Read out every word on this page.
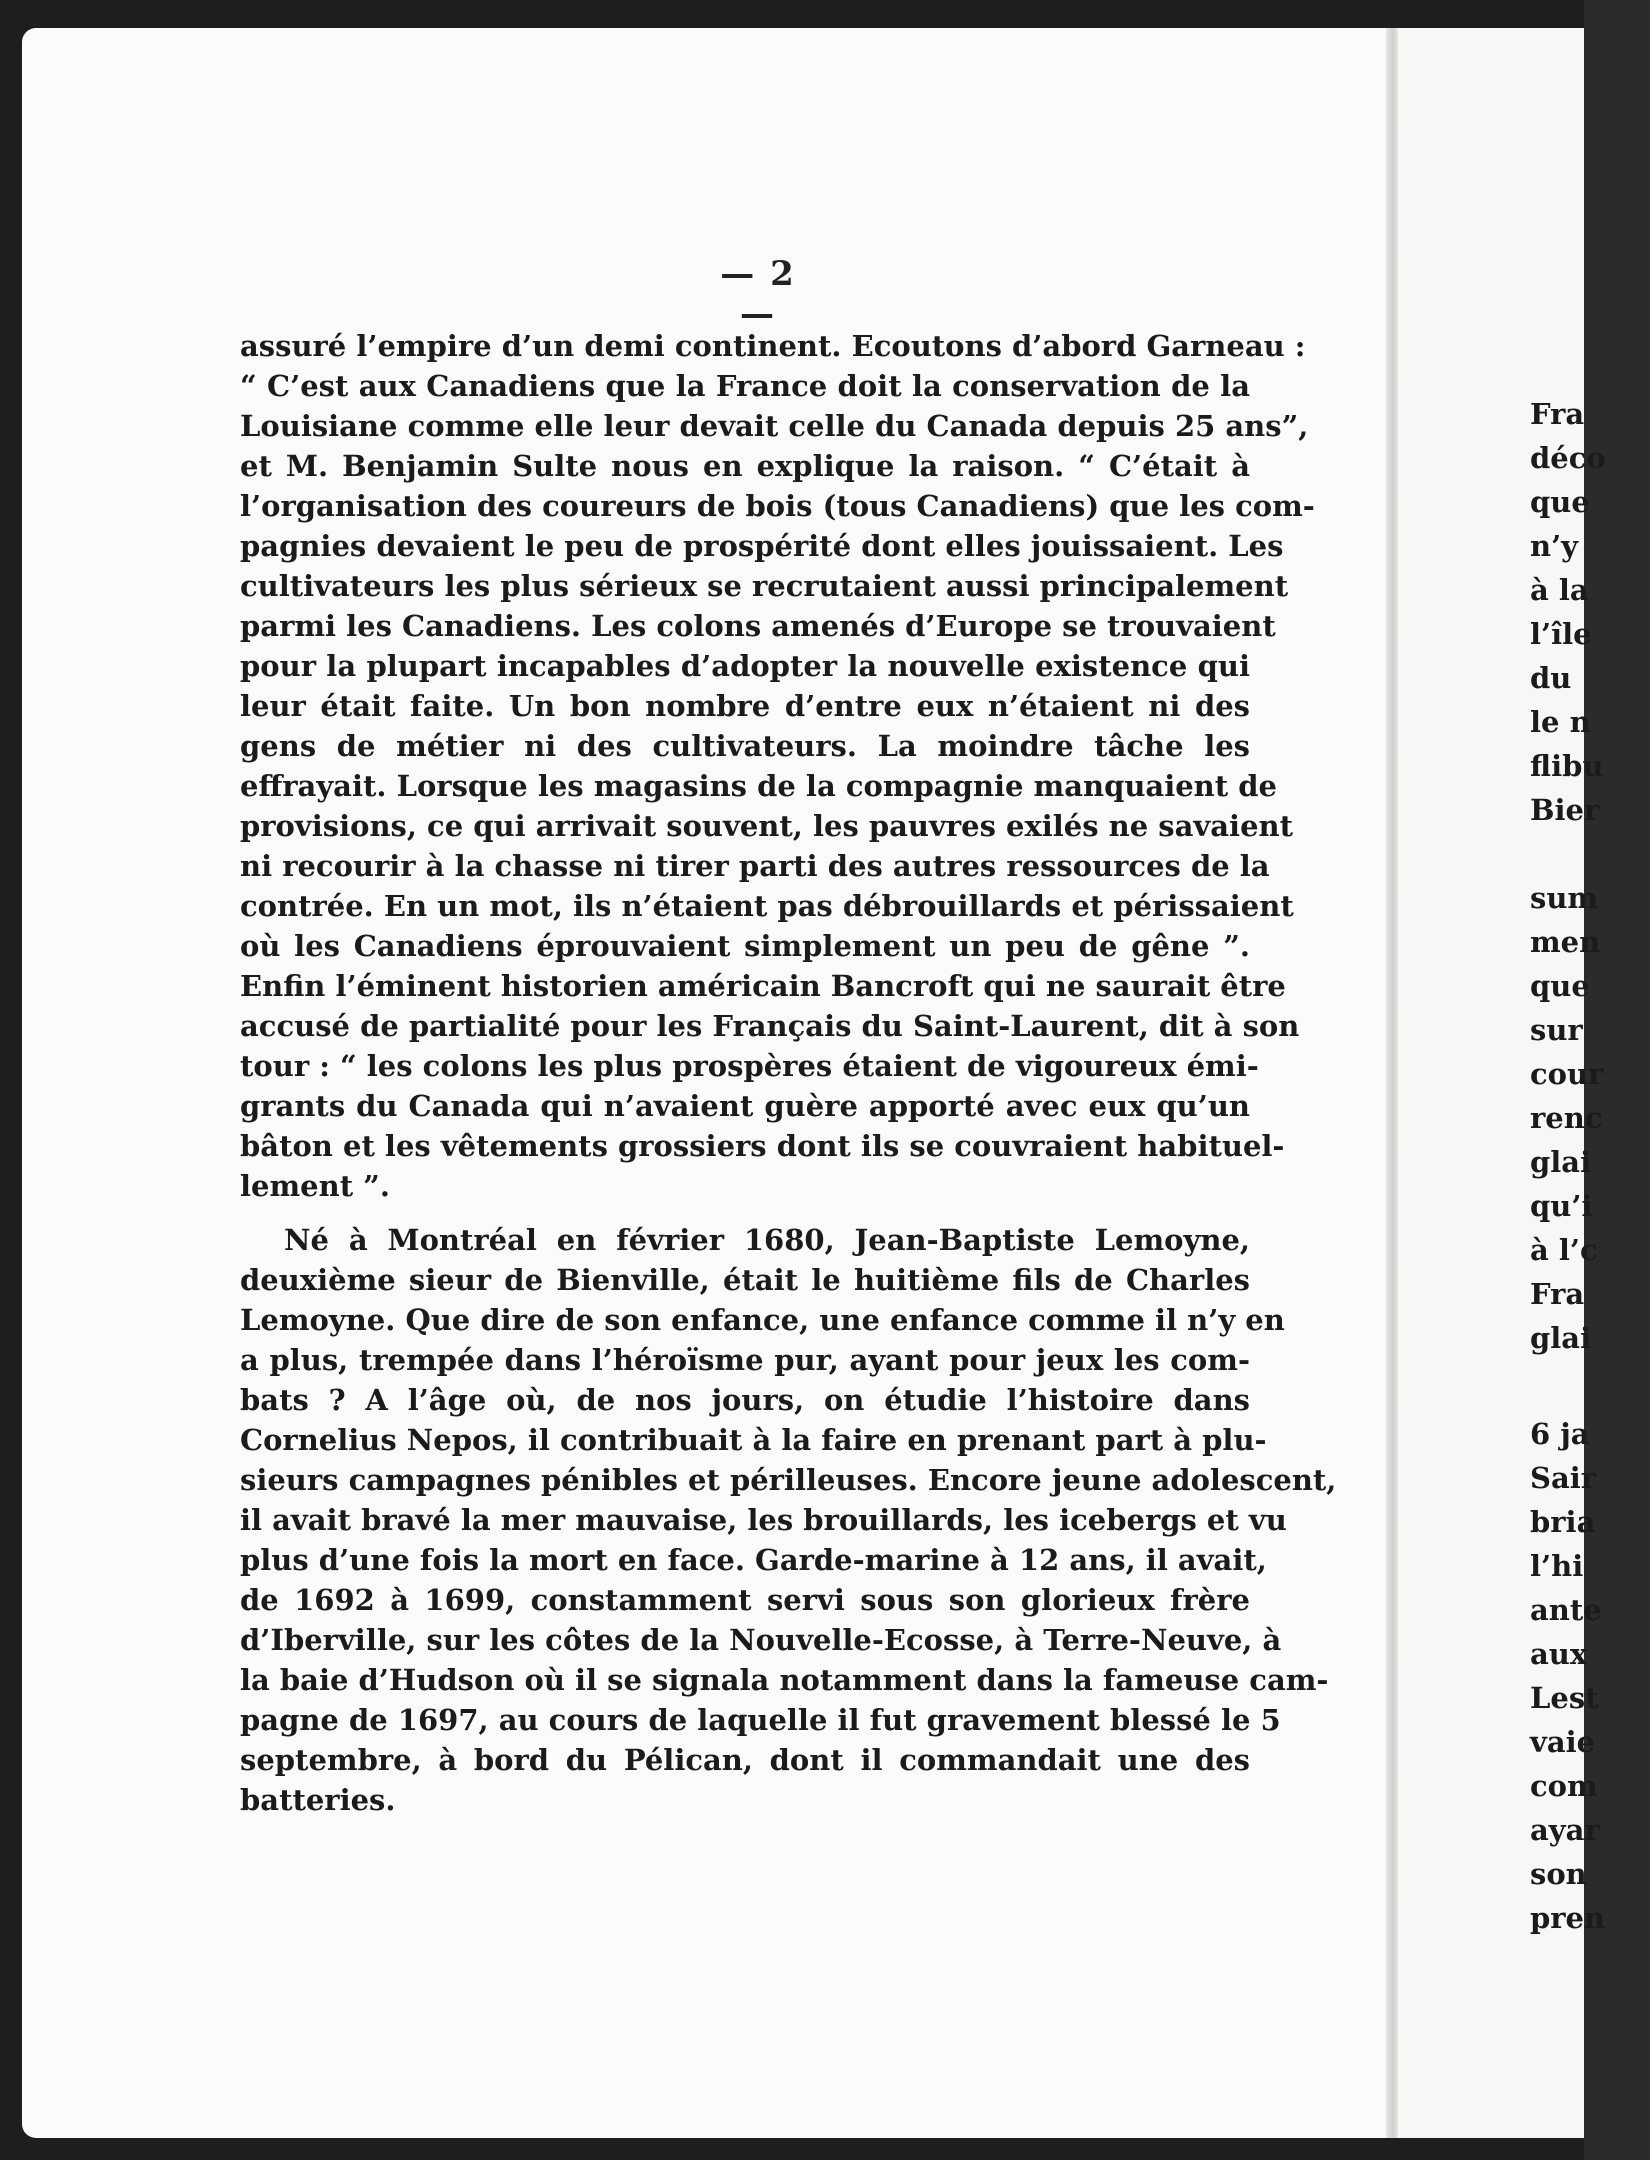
— 2 —
assuré l’empire d’un demi continent. Ecoutons d’abord Garneau :
“ C’est aux Canadiens que la France doit la conservation de la
Louisiane comme elle leur devait celle du Canada depuis 25 ans”,
et M. Benjamin Sulte nous en explique la raison. “ C’était à
l’organisation des coureurs de bois (tous Canadiens) que les com-
pagnies devaient le peu de prospérité dont elles jouissaient. Les
cultivateurs les plus sérieux se recrutaient aussi principalement
parmi les Canadiens. Les colons amenés d’Europe se trouvaient
pour la plupart incapables d’adopter la nouvelle existence qui
leur était faite. Un bon nombre d’entre eux n’étaient ni des
gens de métier ni des cultivateurs. La moindre tâche les
effrayait. Lorsque les magasins de la compagnie manquaient de
provisions, ce qui arrivait souvent, les pauvres exilés ne savaient
ni recourir à la chasse ni tirer parti des autres ressources de la
contrée. En un mot, ils n’étaient pas débrouillards et périssaient
où les Canadiens éprouvaient simplement un peu de gêne ”.
Enfin l’éminent historien américain Bancroft qui ne saurait être
accusé de partialité pour les Français du Saint-Laurent, dit à son
tour : “ les colons les plus prospères étaient de vigoureux émi-
grants du Canada qui n’avaient guère apporté avec eux qu’un
bâton et les vêtements grossiers dont ils se couvraient habituel-
lement ”.
Né à Montréal en février 1680, Jean-Baptiste Lemoyne,
deuxième sieur de Bienville, était le huitième fils de Charles
Lemoyne. Que dire de son enfance, une enfance comme il n’y en
a plus, trempée dans l’héroïsme pur, ayant pour jeux les com-
bats ? A l’âge où, de nos jours, on étudie l’histoire dans
Cornelius Nepos, il contribuait à la faire en prenant part à plu-
sieurs campagnes pénibles et périlleuses. Encore jeune adolescent,
il avait bravé la mer mauvaise, les brouillards, les icebergs et vu
plus d’une fois la mort en face. Garde-marine à 12 ans, il avait,
de 1692 à 1699, constamment servi sous son glorieux frère
d’Iberville, sur les côtes de la Nouvelle-Ecosse, à Terre-Neuve, à
la baie d’Hudson où il se signala notamment dans la fameuse cam-
pagne de 1697, au cours de laquelle il fut gravement blessé le 5
septembre, à bord du Pélican, dont il commandait une des
batteries.
Fra
déco
que
n’y
à la
l’île
du
le n
flibu
Bier
sum
men
que
sur
cour
renc
glai
qu’i
à l’c
Fra
glai
6 ja
Sair
bria
l’hi
ante
aux
Lest
vaie
com
ayar
son
pren
